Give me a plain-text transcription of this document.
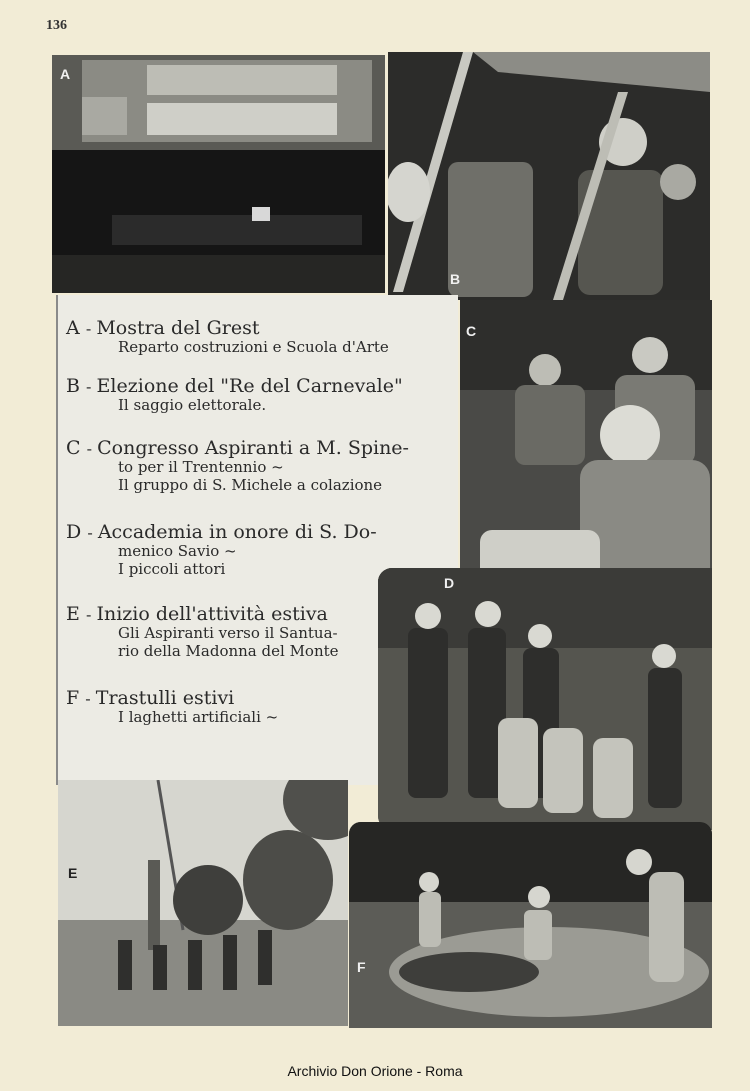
136
A
B
A - Mostra del Grest
Reparto costruzioni e Scuola d'Arte
B - Elezione del "Re del Carnevale"
Il saggio elettorale.
C - Congresso Aspiranti a M. Spine-
to per il Trentennio ~
Il gruppo di S. Michele a colazione
D - Accademia in onore di S. Do-
menico Savio ~
I piccoli attori
E - Inizio dell'attività estiva
Gli Aspiranti verso il Santua-
rio della Madonna del Monte
F - Trastulli estivi
I laghetti artificiali ~
C
D
E
F
Archivio Don Orione - Roma
